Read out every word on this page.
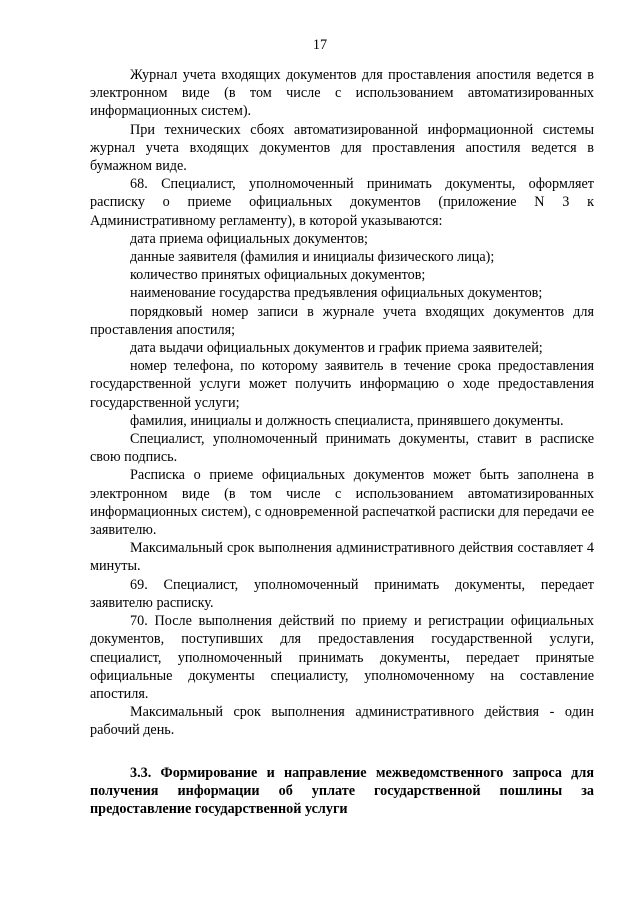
17

Журнал учета входящих документов для проставления апостиля ведется в электронном виде (в том числе с использованием автоматизированных информационных систем).

При технических сбоях автоматизированной информационной системы журнал учета входящих документов для проставления апостиля ведется в бумажном виде.

68. Специалист, уполномоченный принимать документы, оформляет расписку о приеме официальных документов (приложение N 3 к Административному регламенту), в которой указываются:

дата приема официальных документов;

данные заявителя (фамилия и инициалы физического лица);

количество принятых официальных документов;

наименование государства предъявления официальных документов;

порядковый номер записи в журнале учета входящих документов для проставления апостиля;

дата выдачи официальных документов и график приема заявителей;

номер телефона, по которому заявитель в течение срока предоставления государственной услуги может получить информацию о ходе предоставления государственной услуги;

фамилия, инициалы и должность специалиста, принявшего документы.

Специалист, уполномоченный принимать документы, ставит в расписке свою подпись.

Расписка о приеме официальных документов может быть заполнена в электронном виде (в том числе с использованием автоматизированных информационных систем), с одновременной распечаткой расписки для передачи ее заявителю.

Максимальный срок выполнения административного действия составляет 4 минуты.

69. Специалист, уполномоченный принимать документы, передает заявителю расписку.

70. После выполнения действий по приему и регистрации официальных документов, поступивших для предоставления государственной услуги, специалист, уполномоченный принимать документы, передает принятые официальные документы специалисту, уполномоченному на составление апостиля.

Максимальный срок выполнения административного действия - один рабочий день.

3.3. Формирование и направление межведомственного запроса для получения информации об уплате государственной пошлины за предоставление государственной услуги
